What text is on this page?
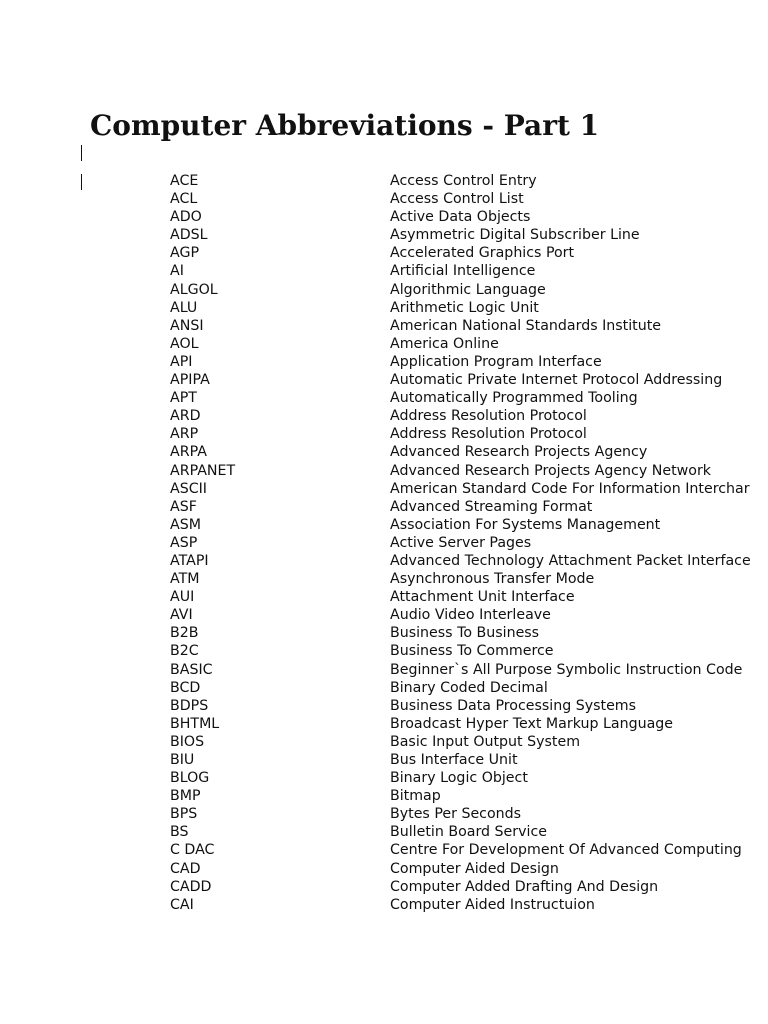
Computer Abbreviations - Part 1
ACE	Access Control Entry
ACL	Access Control List
ADO	Active Data Objects
ADSL	Asymmetric Digital Subscriber Line
AGP	Accelerated Graphics Port
AI	Artificial Intelligence
ALGOL	Algorithmic Language
ALU	Arithmetic Logic Unit
ANSI	American National Standards Institute
AOL	America Online
API	Application Program Interface
APIPA	Automatic Private Internet Protocol Addressing
APT	Automatically Programmed Tooling
ARD	Address Resolution Protocol
ARP	Address Resolution Protocol
ARPA	Advanced Research Projects Agency
ARPANET	Advanced Research Projects Agency Network
ASCII	American Standard Code For Information Interchar
ASF	Advanced Streaming Format
ASM	Association For Systems Management
ASP	Active Server Pages
ATAPI	Advanced Technology Attachment Packet Interface
ATM	Asynchronous Transfer Mode
AUI	Attachment Unit Interface
AVI	Audio Video Interleave
B2B	Business To Business
B2C	Business To Commerce
BASIC	Beginner`s All Purpose Symbolic Instruction Code
BCD	Binary Coded Decimal
BDPS	Business Data Processing Systems
BHTML	Broadcast Hyper Text Markup Language
BIOS	Basic Input Output System
BIU	Bus Interface Unit
BLOG	Binary Logic Object
BMP	Bitmap
BPS	Bytes Per Seconds
BS	Bulletin Board Service
C DAC	Centre For Development Of Advanced Computing
CAD	Computer Aided Design
CADD	Computer Added Drafting And Design
CAI	Computer Aided Instructuion
